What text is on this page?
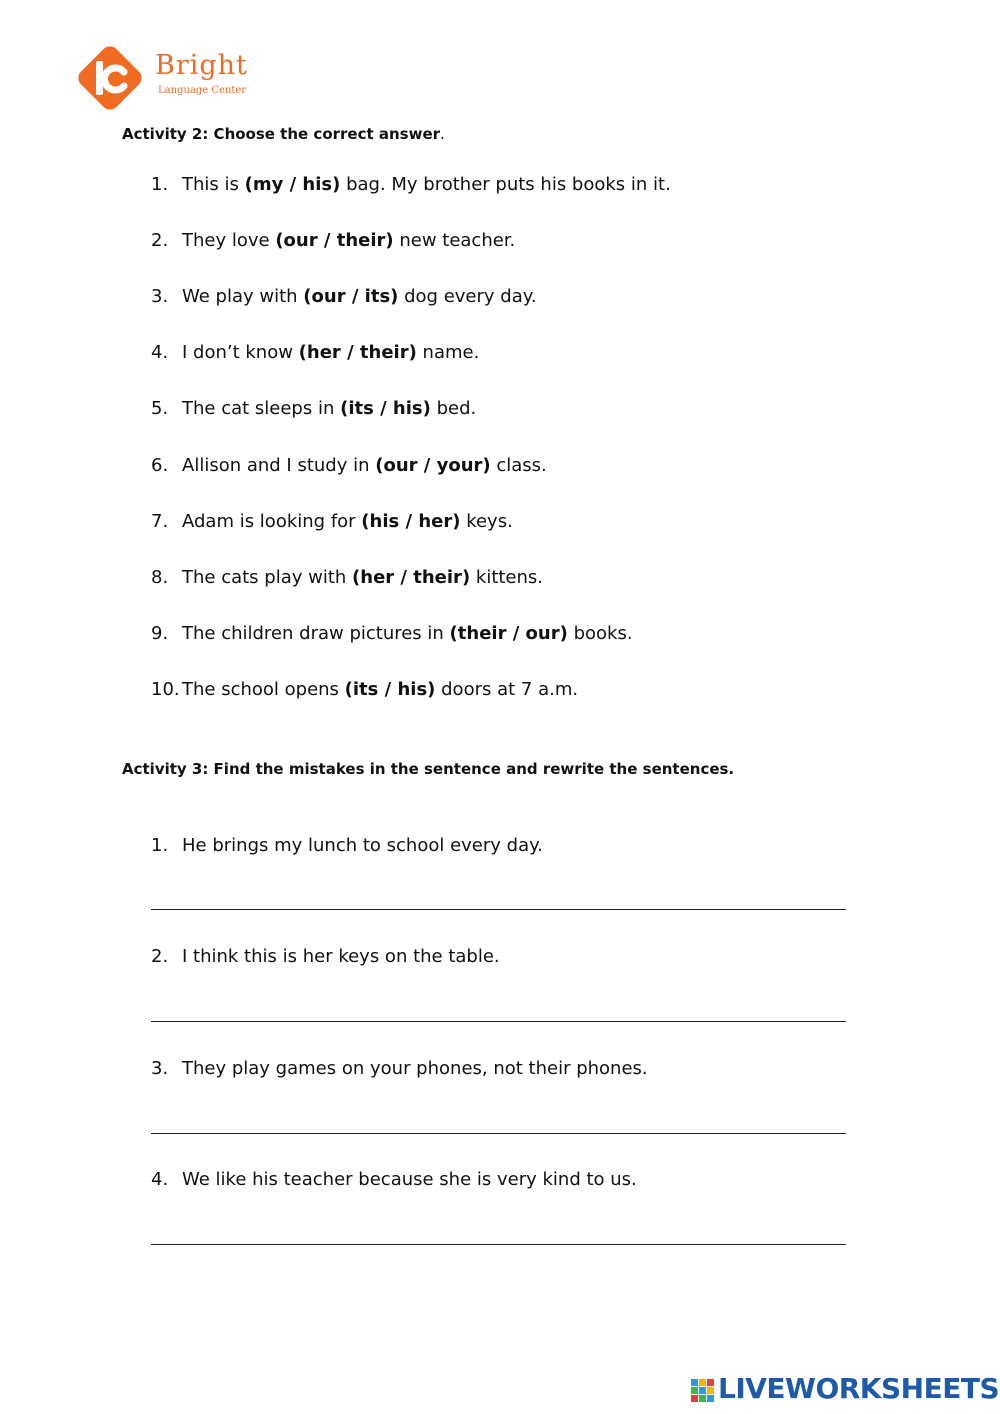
Bright
Language Center
Activity 2: Choose the correct answer.
1. This is (my / his) bag. My brother puts his books in it.
2. They love (our / their) new teacher.
3. We play with (our / its) dog every day.
4. I don’t know (her / their) name.
5. The cat sleeps in (its / his) bed.
6. Allison and I study in (our / your) class.
7. Adam is looking for (his / her) keys.
8. The cats play with (her / their) kittens.
9. The children draw pictures in (their / our) books.
10. The school opens (its / his) doors at 7 a.m.
Activity 3: Find the mistakes in the sentence and rewrite the sentences.
1. He brings my lunch to school every day.
2. I think this is her keys on the table.
3. They play games on your phones, not their phones.
4. We like his teacher because she is very kind to us.
LIVEWORKSHEETS
